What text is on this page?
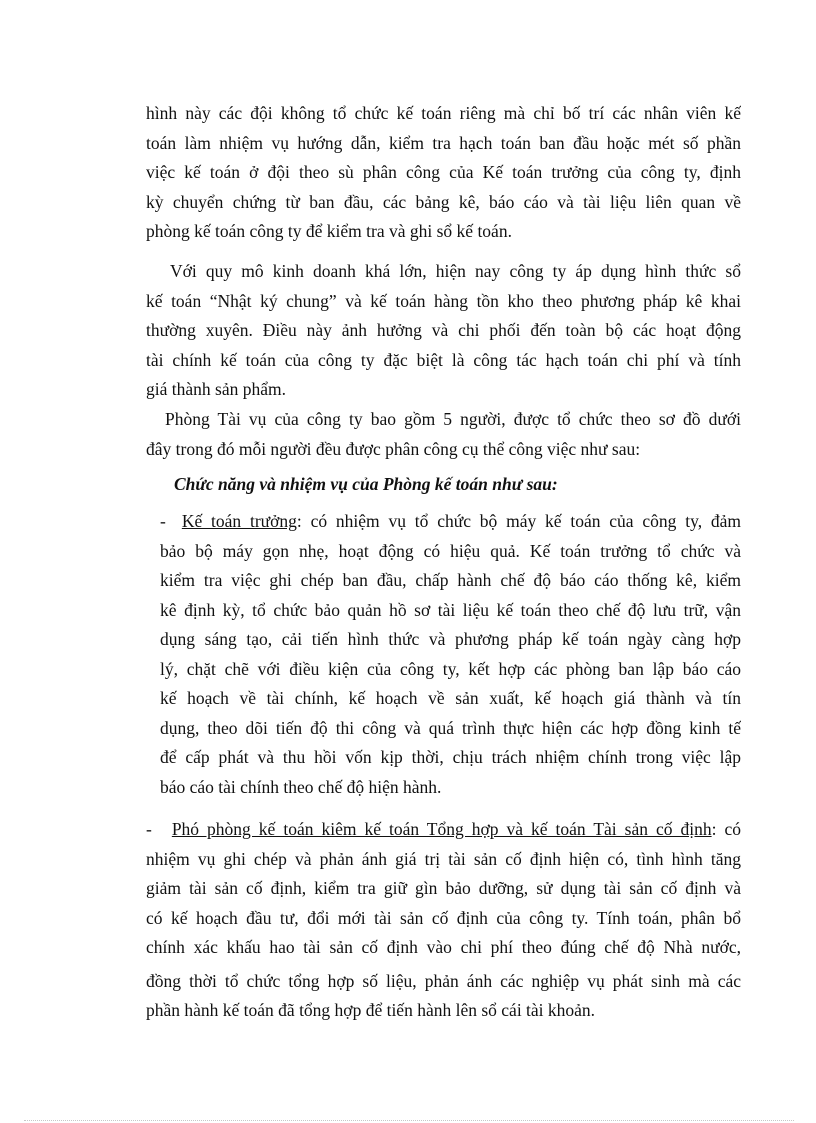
hình này các đội không tổ chức kế toán riêng mà chỉ bố trí các nhân viên kế
toán làm nhiệm vụ hướng dẫn, kiểm tra hạch toán ban đầu hoặc mét số phần
việc kế toán ở đội theo sù phân công của Kế toán trưởng của công ty, định
kỳ chuyển chứng từ ban đầu, các bảng kê, báo cáo và tài liệu liên quan về
phòng kế toán công ty để kiểm tra và ghi sổ kế toán.
Với quy mô kinh doanh khá lớn, hiện nay công ty áp dụng hình thức sổ
kế toán “Nhật ký chung” và kế toán hàng tồn kho theo phương pháp kê khai
thường xuyên. Điều này ảnh hưởng và chi phối đến toàn bộ các hoạt động
tài chính kế toán của công ty đặc biệt là công tác hạch toán chi phí và tính
giá thành sản phẩm.
Phòng Tài vụ của công ty bao gồm 5 người, được tổ chức theo sơ đồ dưới
đây trong đó mỗi người đều được phân công cụ thể công việc như sau:
Chức năng và nhiệm vụ của Phòng kế toán như sau:
- Kế toán trưởng: có nhiệm vụ tổ chức bộ máy kế toán của công ty, đảm
bảo bộ máy gọn nhẹ, hoạt động có hiệu quả. Kế toán trưởng tổ chức và
kiểm tra việc ghi chép ban đầu, chấp hành chế độ báo cáo thống kê, kiểm
kê định kỳ, tổ chức bảo quản hồ sơ tài liệu kế toán theo chế độ lưu trữ, vận
dụng sáng tạo, cải tiến hình thức và phương pháp kế toán ngày càng hợp
lý, chặt chẽ với điều kiện của công ty, kết hợp các phòng ban lập báo cáo
kế hoạch về tài chính, kế hoạch về sản xuất, kế hoạch giá thành và tín
dụng, theo dõi tiến độ thi công và quá trình thực hiện các hợp đồng kinh tế
để cấp phát và thu hồi vốn kịp thời, chịu trách nhiệm chính trong việc lập
báo cáo tài chính theo chế độ hiện hành.
- Phó phòng kế toán kiêm kế toán Tổng hợp và kế toán Tài sản cố định: có
nhiệm vụ ghi chép và phản ánh giá trị tài sản cố định hiện có, tình hình tăng
giảm tài sản cố định, kiểm tra giữ gìn bảo dưỡng, sử dụng tài sản cố định và
có kế hoạch đầu tư, đổi mới tài sản cố định của công ty. Tính toán, phân bổ
chính xác khấu hao tài sản cố định vào chi phí theo đúng chế độ Nhà nước,
đồng thời tổ chức tổng hợp số liệu, phản ánh các nghiệp vụ phát sinh mà các
phần hành kế toán đã tổng hợp để tiến hành lên sổ cái tài khoản.
